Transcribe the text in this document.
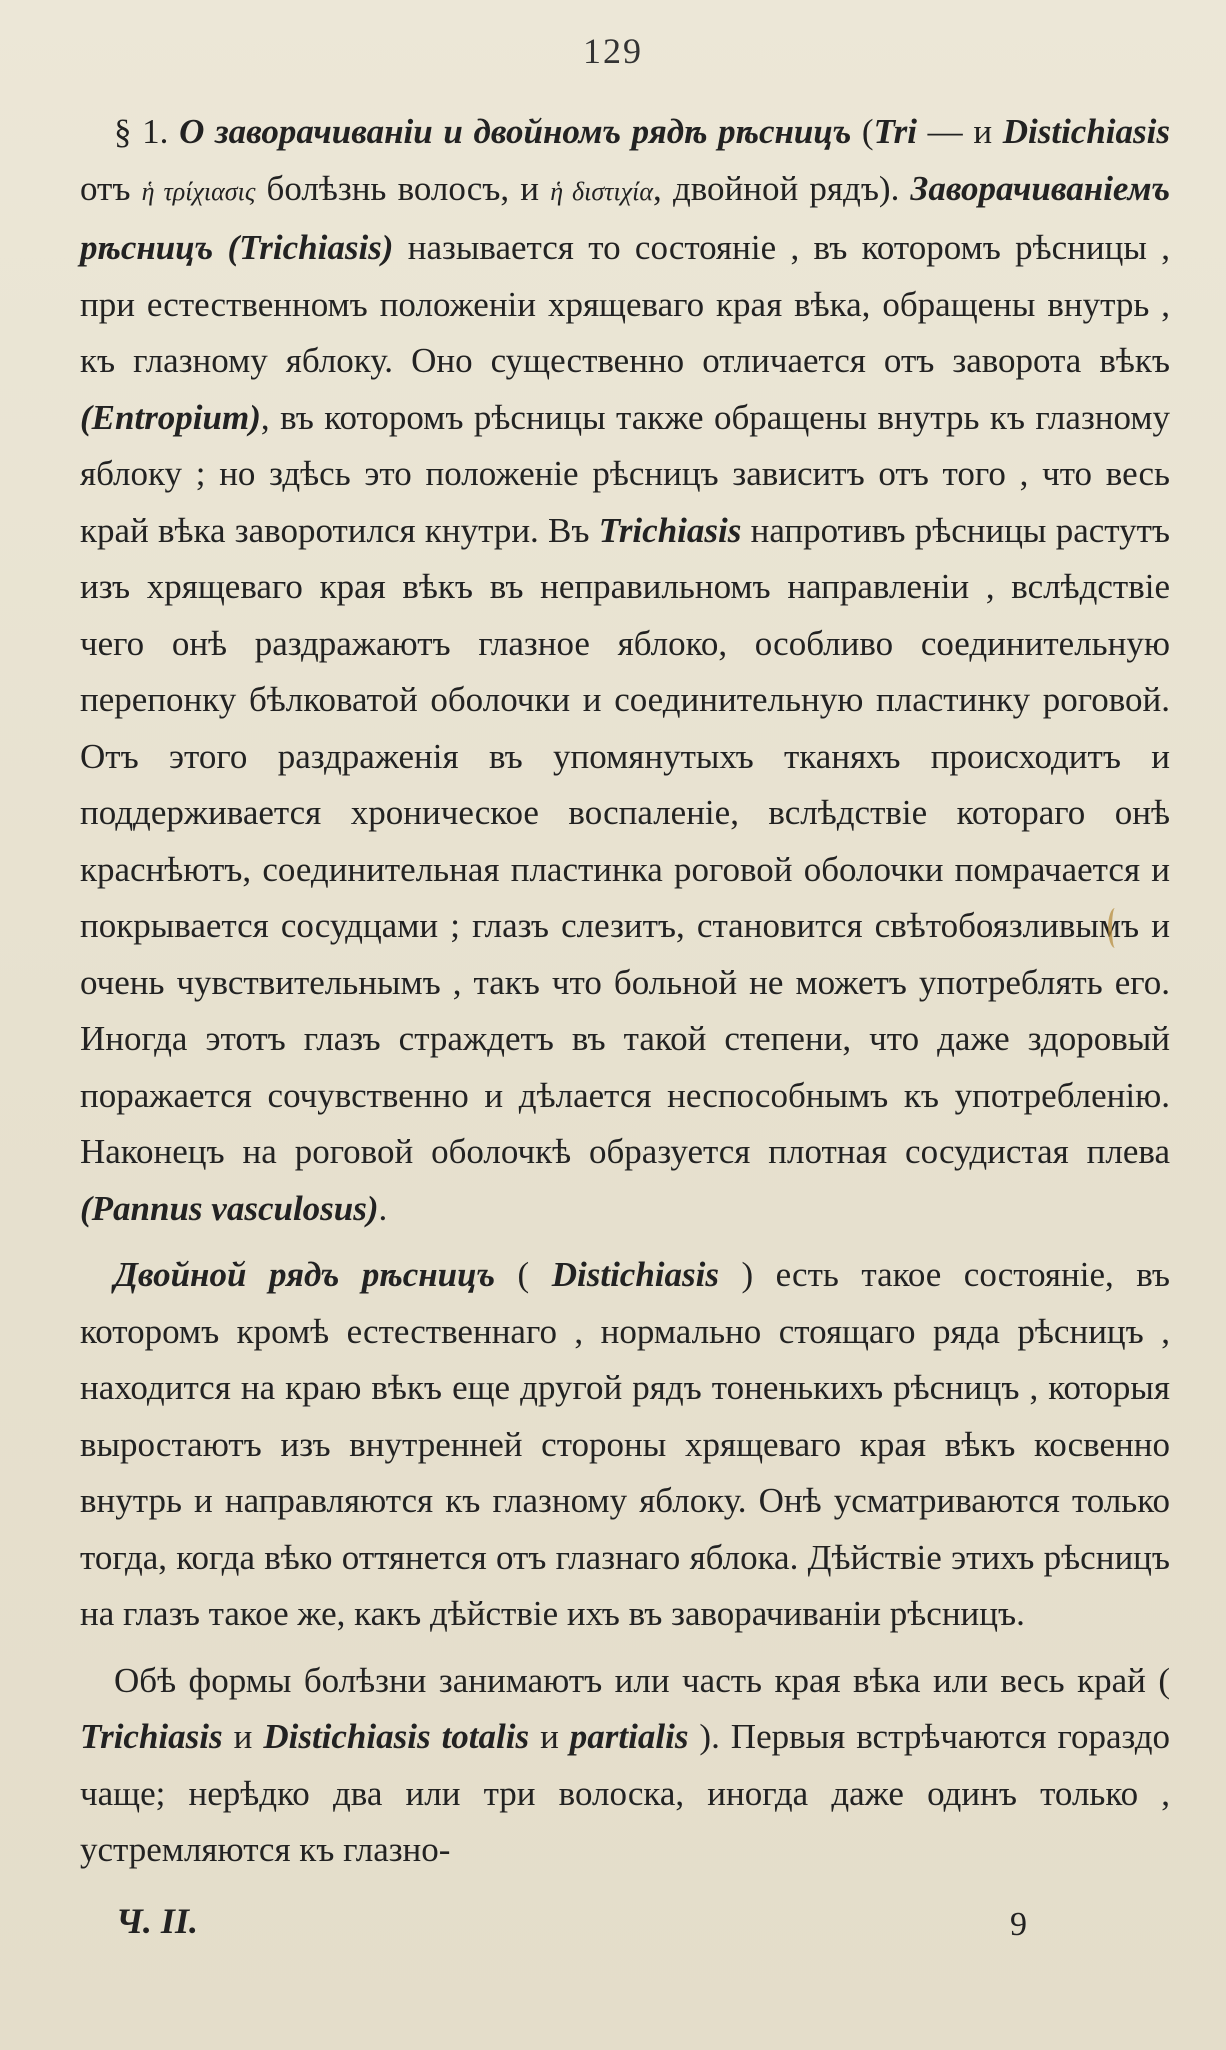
129

§ 1. О заворачиваніи и двойномъ рядѣ рѣсницъ (Tri — и Distichiasis отъ ἡ τρίχιασις болѣзнь волосъ, и ἡ διστιχία, двойной рядъ). Заворачиваніемъ рѣсницъ (Trichiasis) называется то состояніе , въ которомъ рѣсницы , при естественномъ положеніи хрящеваго края вѣка, обращены внутрь , къ глазному яблоку. Оно существенно отличается отъ заворота вѣкъ (Entropium), въ которомъ рѣсницы также обращены внутрь къ глазному яблоку ; но здѣсь это положеніе рѣсницъ зависитъ отъ того , что весь край вѣка заворотился кнутри. Въ Trichiasis напротивъ рѣсницы растутъ изъ хрящеваго края вѣкъ въ неправильномъ направленіи , вслѣдствіе чего онѣ раздражаютъ глазное яблоко, особливо соединительную перепонку бѣлковатой оболочки и соединительную пластинку роговой. Отъ этого раздраженія въ упомянутыхъ тканяхъ происходитъ и поддерживается хроническое воспаленіе, вслѣдствіе котораго онѣ краснѣютъ, соединительная пластинка роговой оболочки помрачается и покрывается сосудцами ; глазъ слезитъ, становится свѣтобоязливымъ и очень чувствительнымъ , такъ что больной не можетъ употреблять его. Иногда этотъ глазъ страждетъ въ такой степени, что даже здоровый поражается сочувственно и дѣлается неспособнымъ къ употребленію. Наконецъ на роговой оболочкѣ образуется плотная сосудистая плева (Pannus vasculosus).

Двойной рядъ рѣсницъ ( Distichiasis ) есть такое состояніе, въ которомъ кромѣ естественнаго , нормально стоящаго ряда рѣсницъ , находится на краю вѣкъ еще другой рядъ тоненькихъ рѣсницъ , которыя выростаютъ изъ внутренней стороны хрящеваго края вѣкъ косвенно внутрь и направляются къ глазному яблоку. Онѣ усматриваются только тогда, когда вѣко оттянется отъ глазнаго яблока. Дѣйствіе этихъ рѣсницъ на глазъ такое же, какъ дѣйствіе ихъ въ заворачиваніи рѣсницъ.

Обѣ формы болѣзни занимаютъ или часть края вѣка или весь край ( Trichiasis и Distichiasis totalis и partialis ). Первыя встрѣчаются гораздо чаще; нерѣдко два или три волоска, иногда даже одинъ только , устремляются къ глазно-

Ч. II.	9
